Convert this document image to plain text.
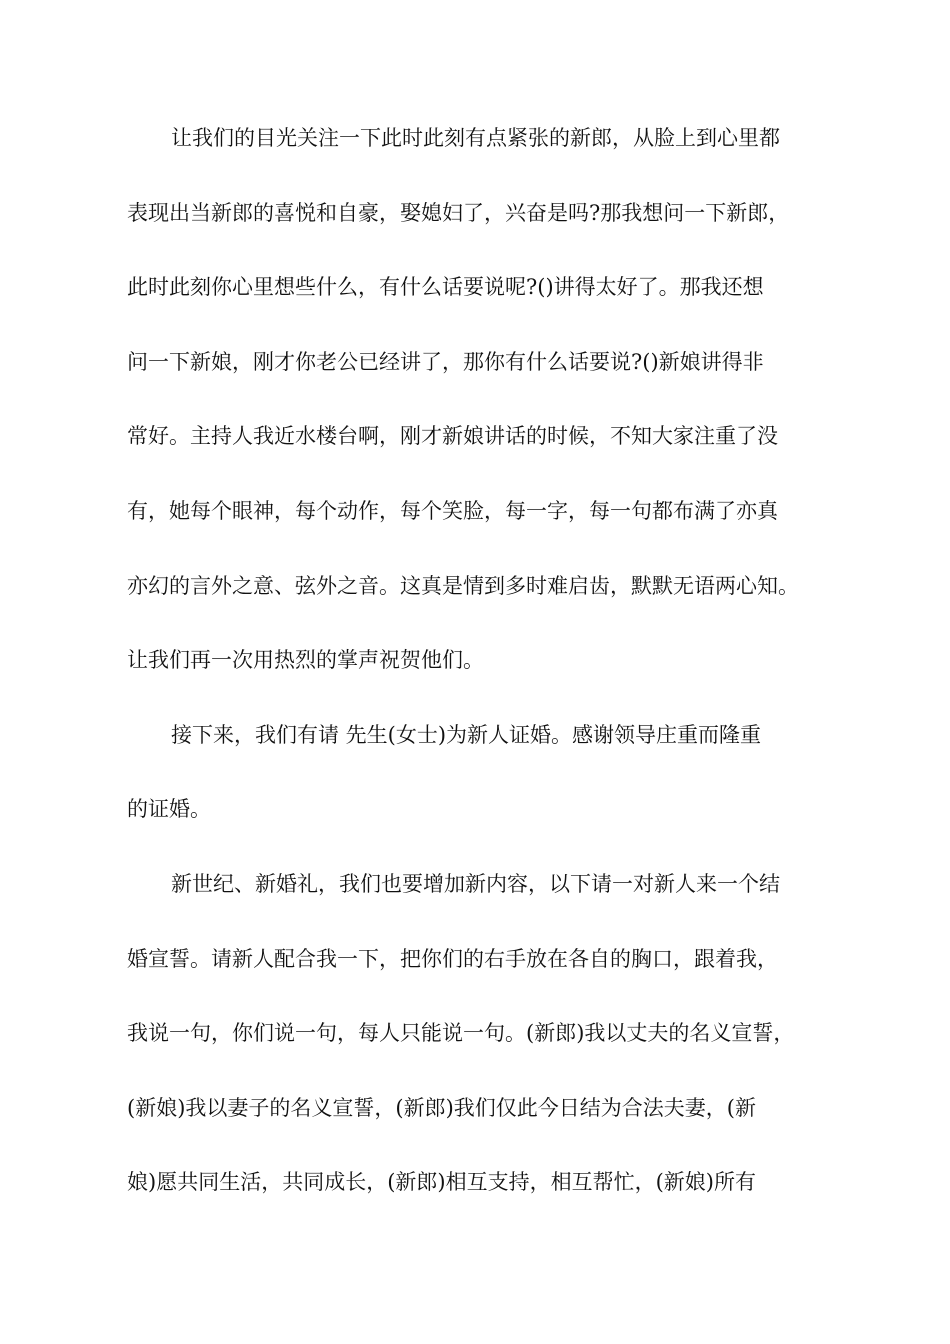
让我们的目光关注一下此时此刻有点紧张的新郎，从脸上到心里都
表现出当新郎的喜悦和自豪，娶媳妇了，兴奋是吗?那我想问一下新郎，
此时此刻你心里想些什么，有什么话要说呢?()讲得太好了。那我还想
问一下新娘，刚才你老公已经讲了，那你有什么话要说?()新娘讲得非
常好。主持人我近水楼台啊，刚才新娘讲话的时候，不知大家注重了没
有，她每个眼神，每个动作，每个笑脸，每一字，每一句都布满了亦真
亦幻的言外之意、弦外之音。这真是情到多时难启齿，默默无语两心知。
让我们再一次用热烈的掌声祝贺他们。
接下来，我们有请 先生(女士)为新人证婚。感谢领导庄重而隆重
的证婚。
新世纪、新婚礼，我们也要增加新内容，以下请一对新人来一个结
婚宣誓。请新人配合我一下，把你们的右手放在各自的胸口，跟着我，
我说一句，你们说一句，每人只能说一句。(新郎)我以丈夫的名义宣誓，
(新娘)我以妻子的名义宣誓，(新郎)我们仅此今日结为合法夫妻，(新
娘)愿共同生活，共同成长，(新郎)相互支持，相互帮忙，(新娘)所有
